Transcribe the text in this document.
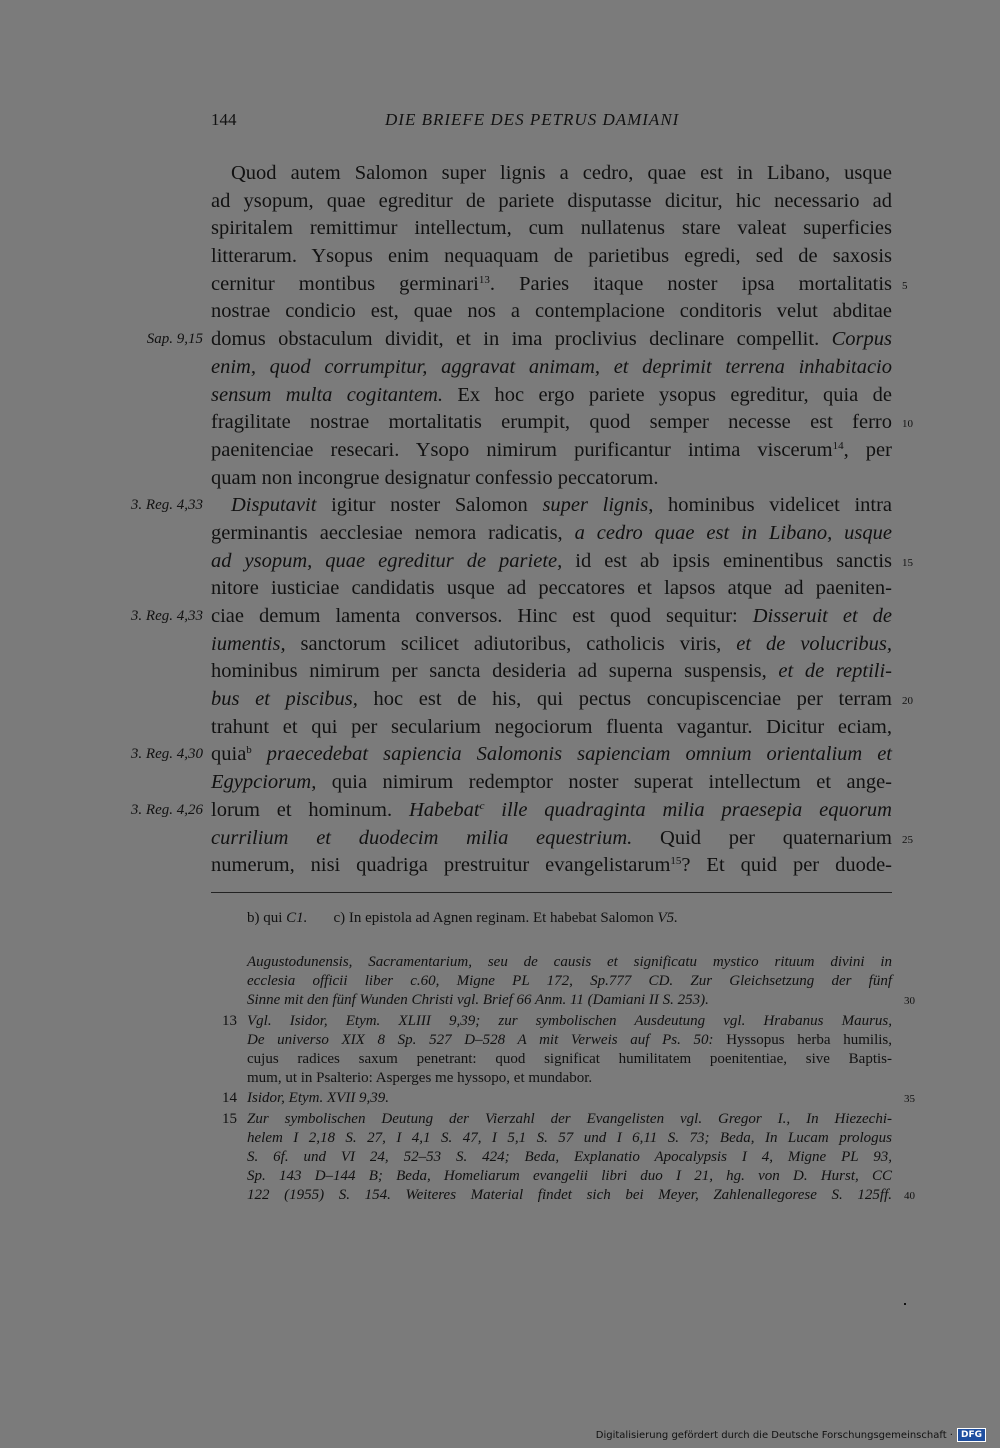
144	DIE BRIEFE DES PETRUS DAMIANI
Quod autem Salomon super lignis a cedro, quae est in Libano, usque
ad ysopum, quae egreditur de pariete disputasse dicitur, hic necessario ad
spiritalem remittimur intellectum, cum nullatenus stare valeat superficies
litterarum. Ysopus enim nequaquam de parietibus egredi, sed de saxosis
cernitur montibus germinari$^{13}$. Paries itaque noster ipsa mortalitatis 5
nostrae condicio est, quae nos a contemplacione conditoris velut abditae
domus obstaculum dividit, et in ima proclivius declinare compellit. Corpus
Sap. 9,15
enim, quod corrumpitur, aggravat animam, et deprimit terrena inhabitacio
sensum multa cogitantem. Ex hoc ergo pariete ysopus egreditur, quia de
fragilitate nostrae mortalitatis erumpit, quod semper necesse est ferro 10
paenitenciae resecari. Ysopo nimirum purificantur intima viscerum$^{14}$, per
quam non incongrue designatur confessio peccatorum.
Disputavit igitur noster Salomon super lignis, hominibus videlicet intra
3. Reg. 4,33
germinantis aecclesiae nemora radicatis, a cedro quae est in Libano, usque
ad ysopum, quae egreditur de pariete, id est ab ipsis eminentibus sanctis 15
nitore iusticiae candidatis usque ad peccatores et lapsos atque ad paeniten-
ciae demum lamenta conversos. Hinc est quod sequitur: Disseruit et de
3. Reg. 4,33
iumentis, sanctorum scilicet adiutoribus, catholicis viris, et de volucribus,
hominibus nimirum per sancta desideria ad superna suspensis, et de reptili-
bus et piscibus, hoc est de his, qui pectus concupiscenciae per terram 20
trahunt et qui per secularium negociorum fluenta vagantur. Dicitur eciam,
quia$^b$ praecedebat sapiencia Salomonis sapienciam omnium orientalium et
3. Reg. 4,30
Egypciorum, quia nimirum redemptor noster superat intellectum et ange-
lorum et hominum. Habebat$^c$ ille quadraginta milia praesepia equorum
3. Reg. 4,26
currilium et duodecim milia equestrium. Quid per quaternarium 25
numerum, nisi quadriga prestruitur evangelistarum$^{15}$? Et quid per duode-
b) qui C1. c) In epistola ad Agnen reginam. Et habebat Salomon V5.
Augustodunensis, Sacramentarium, seu de causis et significatu mystico rituum divini in
ecclesia officii liber c.60, Migne PL 172, Sp.777 CD. Zur Gleichsetzung der fünf
Sinne mit den fünf Wunden Christi vgl. Brief 66 Anm. 11 (Damiani II S. 253).	30
13 Vgl. Isidor, Etym. XLIII 9,39; zur symbolischen Ausdeutung vgl. Hrabanus Maurus,
De universo XIX 8 Sp. 527 D–528 A mit Verweis auf Ps. 50: Hyssopus herba humilis,
cujus radices saxum penetrant: quod significat humilitatem poenitentiae, sive Baptis-
mum, ut in Psalterio: Asperges me hyssopo, et mundabor.
14 Isidor, Etym. XVII 9,39.	35
15 Zur symbolischen Deutung der Vierzahl der Evangelisten vgl. Gregor I., In Hiezechi-
helem I 2,18 S. 27, I 4,1 S. 47, I 5,1 S. 57 und I 6,11 S. 73; Beda, In Lucam prologus
S. 6f. und VI 24, 52–53 S. 424; Beda, Explanatio Apocalypsis I 4, Migne PL 93,
Sp. 143 D–144 B; Beda, Homeliarum evangelii libri duo I 21, hg. von D. Hurst, CC
122 (1955) S. 154. Weiteres Material findet sich bei Meyer, Zahlenallegorese S. 125ff. 40
Digitalisierung gefördert durch die Deutsche Forschungsgemeinschaft · DFG
